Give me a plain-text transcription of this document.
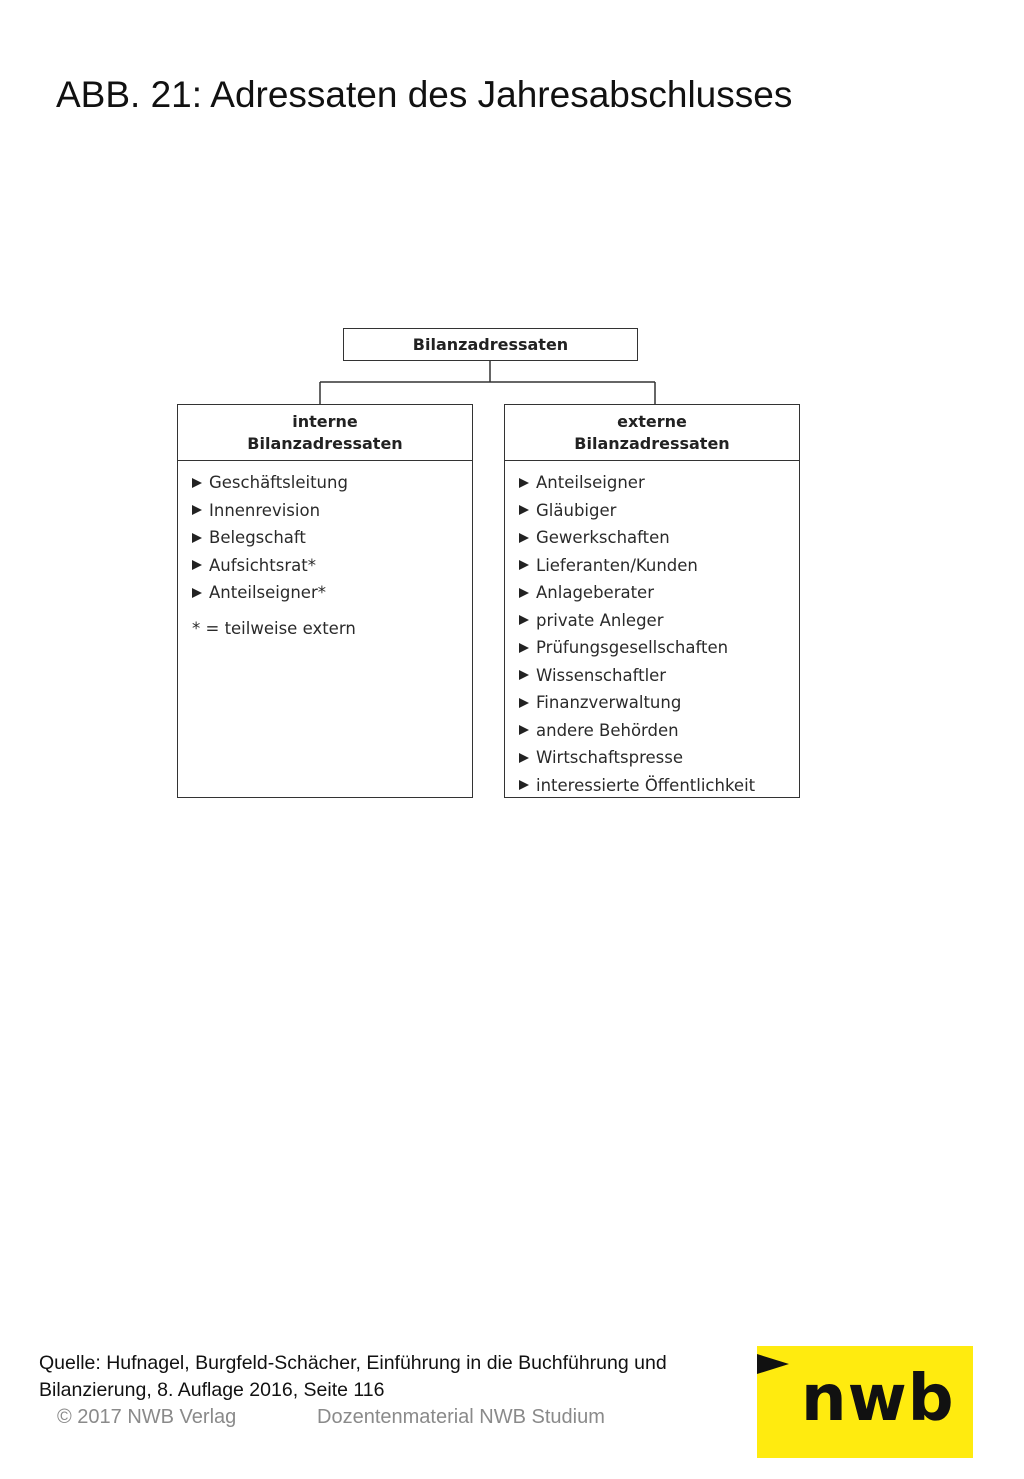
ABB. 21: Adressaten des Jahresabschlusses
Bilanzadressaten
interne
Bilanzadressaten
Geschäftsleitung
Innenrevision
Belegschaft
Aufsichtsrat*
Anteilseigner*
* = teilweise extern
externe
Bilanzadressaten
Anteilseigner
Gläubiger
Gewerkschaften
Lieferanten/Kunden
Anlageberater
private Anleger
Prüfungsgesellschaften
Wissenschaftler
Finanzverwaltung
andere Behörden
Wirtschaftspresse
interessierte Öffentlichkeit
Quelle: Hufnagel, Burgfeld-Schächer, Einführung in die Buchführung und
Bilanzierung, 8. Auflage 2016, Seite 116
© 2017 NWB Verlag	Dozentenmaterial NWB Studium	nwb
